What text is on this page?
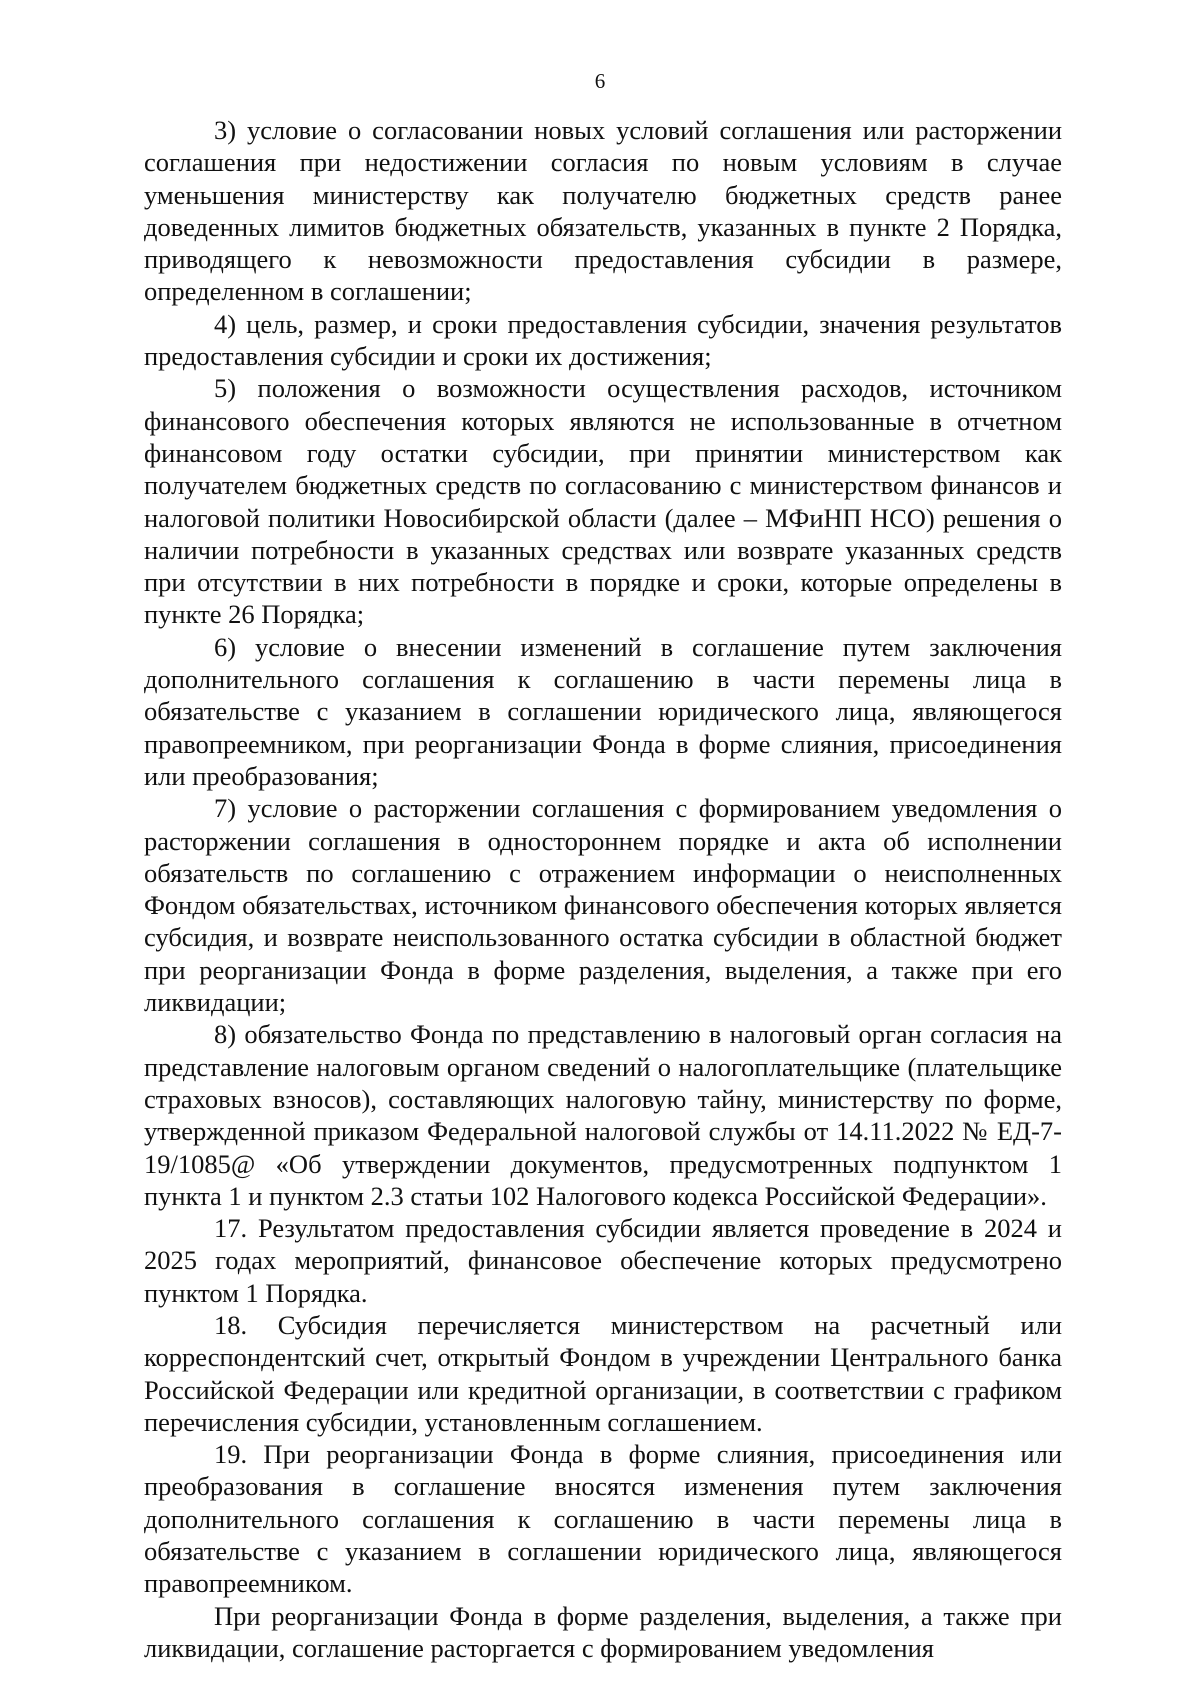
6

3) условие о согласовании новых условий соглашения или расторжении соглашения при недостижении согласия по новым условиям в случае уменьшения министерству как получателю бюджетных средств ранее доведенных лимитов бюджетных обязательств, указанных в пункте 2 Порядка, приводящего к невозможности предоставления субсидии в размере, определенном в соглашении;

4) цель, размер, и сроки предоставления субсидии, значения результатов предоставления субсидии и сроки их достижения;

5) положения о возможности осуществления расходов, источником финансового обеспечения которых являются не использованные в отчетном финансовом году остатки субсидии, при принятии министерством как получателем бюджетных средств по согласованию с министерством финансов и налоговой политики Новосибирской области (далее – МФиНП НСО) решения о наличии потребности в указанных средствах или возврате указанных средств при отсутствии в них потребности в порядке и сроки, которые определены в пункте 26 Порядка;

6) условие о внесении изменений в соглашение путем заключения дополнительного соглашения к соглашению в части перемены лица в обязательстве с указанием в соглашении юридического лица, являющегося правопреемником, при реорганизации Фонда в форме слияния, присоединения или преобразования;

7) условие о расторжении соглашения с формированием уведомления о расторжении соглашения в одностороннем порядке и акта об исполнении обязательств по соглашению с отражением информации о неисполненных Фондом обязательствах, источником финансового обеспечения которых является субсидия, и возврате неиспользованного остатка субсидии в областной бюджет при реорганизации Фонда в форме разделения, выделения, а также при его ликвидации;

8) обязательство Фонда по представлению в налоговый орган согласия на представление налоговым органом сведений о налогоплательщике (плательщике страховых взносов), составляющих налоговую тайну, министерству по форме, утвержденной приказом Федеральной налоговой службы от 14.11.2022 № ЕД-7-19/1085@ «Об утверждении документов, предусмотренных подпунктом 1 пункта 1 и пунктом 2.3 статьи 102 Налогового кодекса Российской Федерации».

17. Результатом предоставления субсидии является проведение в 2024 и 2025 годах мероприятий, финансовое обеспечение которых предусмотрено пунктом 1 Порядка.

18. Субсидия перечисляется министерством на расчетный или корреспондентский счет, открытый Фондом в учреждении Центрального банка Российской Федерации или кредитной организации, в соответствии с графиком перечисления субсидии, установленным соглашением.

19. При реорганизации Фонда в форме слияния, присоединения или преобразования в соглашение вносятся изменения путем заключения дополнительного соглашения к соглашению в части перемены лица в обязательстве с указанием в соглашении юридического лица, являющегося правопреемником.

При реорганизации Фонда в форме разделения, выделения, а также при ликвидации, соглашение расторгается с формированием уведомления
